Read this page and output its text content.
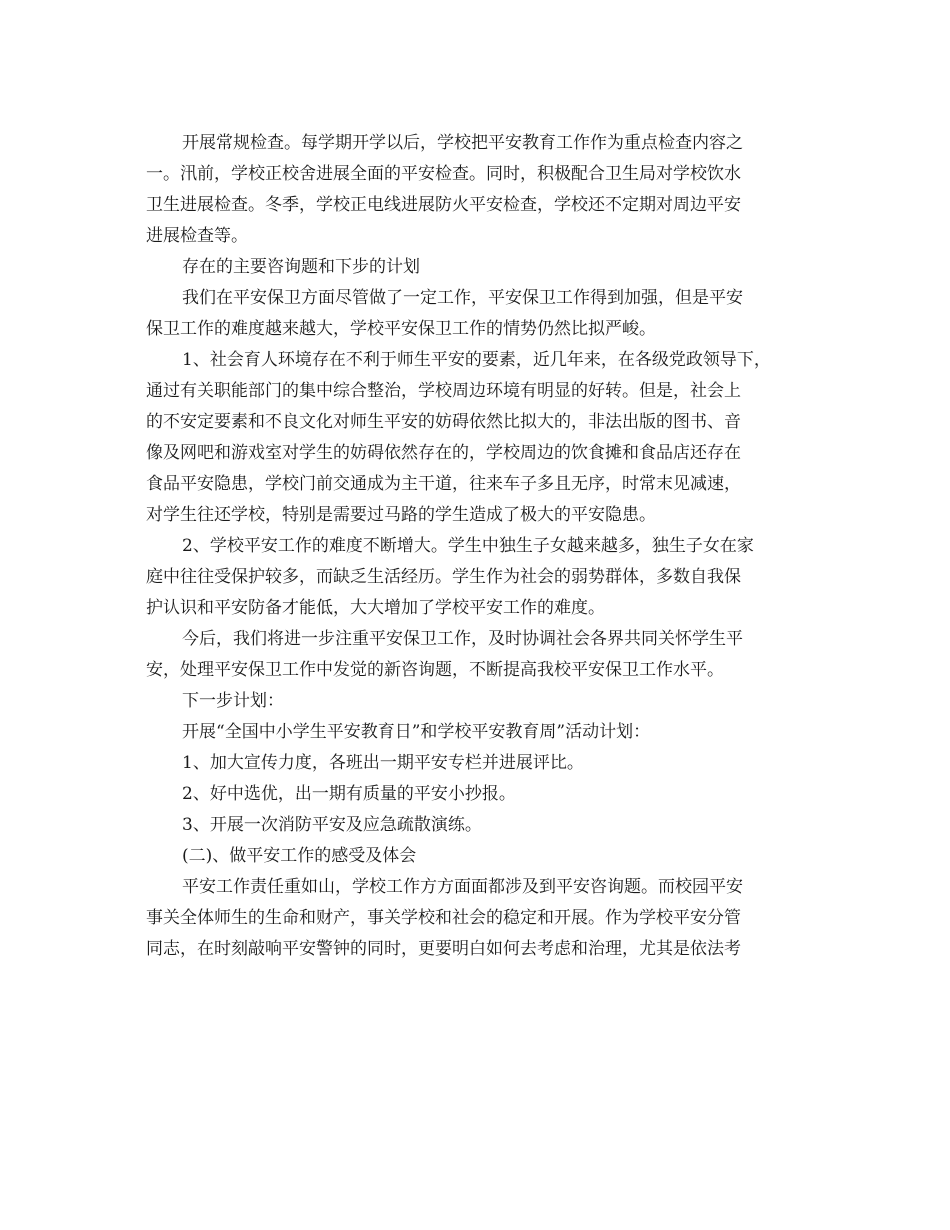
开展常规检查。每学期开学以后，学校把平安教育工作作为重点检查内容之
一。汛前，学校正校舍进展全面的平安检查。同时，积极配合卫生局对学校饮水
卫生进展检查。冬季，学校正电线进展防火平安检查，学校还不定期对周边平安
进展检查等。
存在的主要咨询题和下步的计划
我们在平安保卫方面尽管做了一定工作，平安保卫工作得到加强，但是平安
保卫工作的难度越来越大，学校平安保卫工作的情势仍然比拟严峻。
1、社会育人环境存在不利于师生平安的要素，近几年来，在各级党政领导下，
通过有关职能部门的集中综合整治，学校周边环境有明显的好转。但是，社会上
的不安定要素和不良文化对师生平安的妨碍依然比拟大的，非法出版的图书、音
像及网吧和游戏室对学生的妨碍依然存在的，学校周边的饮食摊和食品店还存在
食品平安隐患，学校门前交通成为主干道，往来车子多且无序，时常末见减速，
对学生往还学校，特别是需要过马路的学生造成了极大的平安隐患。
2、学校平安工作的难度不断增大。学生中独生子女越来越多，独生子女在家
庭中往往受保护较多，而缺乏生活经历。学生作为社会的弱势群体，多数自我保
护认识和平安防备才能低，大大增加了学校平安工作的难度。
今后，我们将进一步注重平安保卫工作，及时协调社会各界共同关怀学生平
安，处理平安保卫工作中发觉的新咨询题，不断提高我校平安保卫工作水平。
下一步计划：
开展“全国中小学生平安教育日”和学校平安教育周”活动计划：
1、加大宣传力度，各班出一期平安专栏并进展评比。
2、好中选优，出一期有质量的平安小抄报。
3、开展一次消防平安及应急疏散演练。
(二)、做平安工作的感受及体会
平安工作责任重如山，学校工作方方面面都涉及到平安咨询题。而校园平安
事关全体师生的生命和财产，事关学校和社会的稳定和开展。作为学校平安分管
同志，在时刻敲响平安警钟的同时，更要明白如何去考虑和治理，尤其是依法考
